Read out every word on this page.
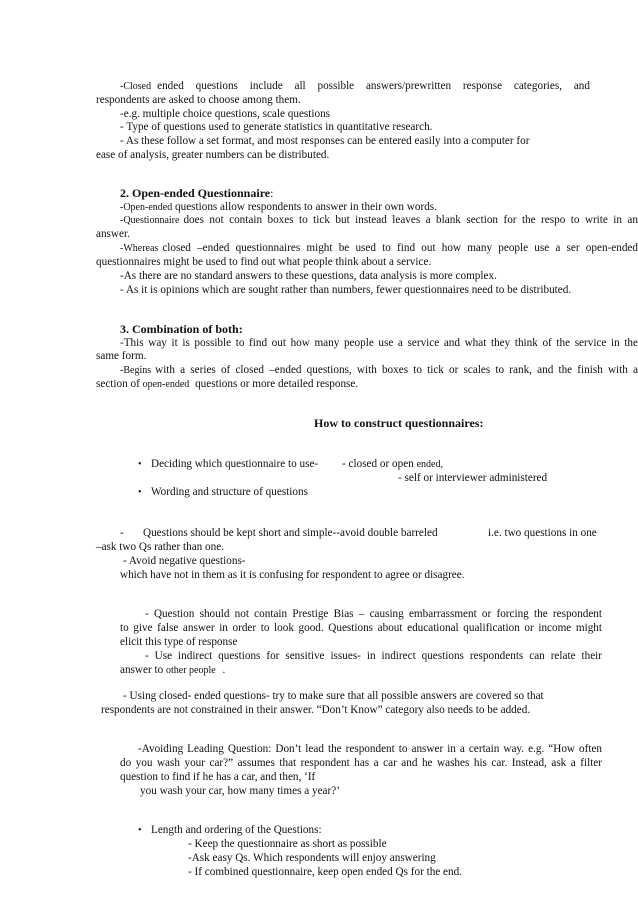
-Closed ended questions include all possible answers/prewritten response categories, and
respondents are asked to choose among them.
-e.g. multiple choice questions, scale questions
- Type of questions used to generate statistics in quantitative research.
- As these follow a set format, and most responses can be entered easily into a computer for
ease of analysis, greater numbers can be distributed.
2. Open-ended Questionnaire:
-Open-ended questions allow respondents to answer in their own words.
-Questionnaire does not contain boxes to tick but instead leaves a blank section for the respo to write in an
answer.
-Whereas closed –ended questionnaires might be used to find out how many people use a ser open-ended
questionnaires might be used to find out what people think about a service.
-As there are no standard answers to these questions, data analysis is more complex.
- As it is opinions which are sought rather than numbers, fewer questionnaires need to be distributed.
3. Combination of both:
-This way it is possible to find out how many people use a service and what they think of the service in the
same form.
-Begins with a series of closed –ended questions, with boxes to tick or scales to rank, and the finish with a
section of open-ended questions or more detailed response.
How to construct questionnaires:
• Deciding which questionnaire to use- - closed or open ended,
- self or interviewer administered
• Wording and structure of questions
- Questions should be kept short and simple--avoid double barreled	i.e. two questions in one
–ask two Qs rather than one.
- Avoid negative questions-
which have not in them as it is confusing for respondent to agree or disagree.
- Question should not contain Prestige Bias – causing embarrassment or forcing the respondent
to give false answer in order to look good. Questions about educational qualification or income might
elicit this type of response
- Use indirect questions for sensitive issues- in indirect questions respondents can relate their
answer to other people .
- Using closed- ended questions- try to make sure that all possible answers are covered so that
respondents are not constrained in their answer. “Don’t Know” category also needs to be added.
-Avoiding Leading Question: Don’t lead the respondent to answer in a certain way. e.g. “How often
do you wash your car?” assumes that respondent has a car and he washes his car. Instead, ask a filter
question to find if he has a car, and then, ‘If
you wash your car, how many times a year?’
• Length and ordering of the Questions:
- Keep the questionnaire as short as possible
-Ask easy Qs. Which respondents will enjoy answering
- If combined questionnaire, keep open ended Qs for the end.
